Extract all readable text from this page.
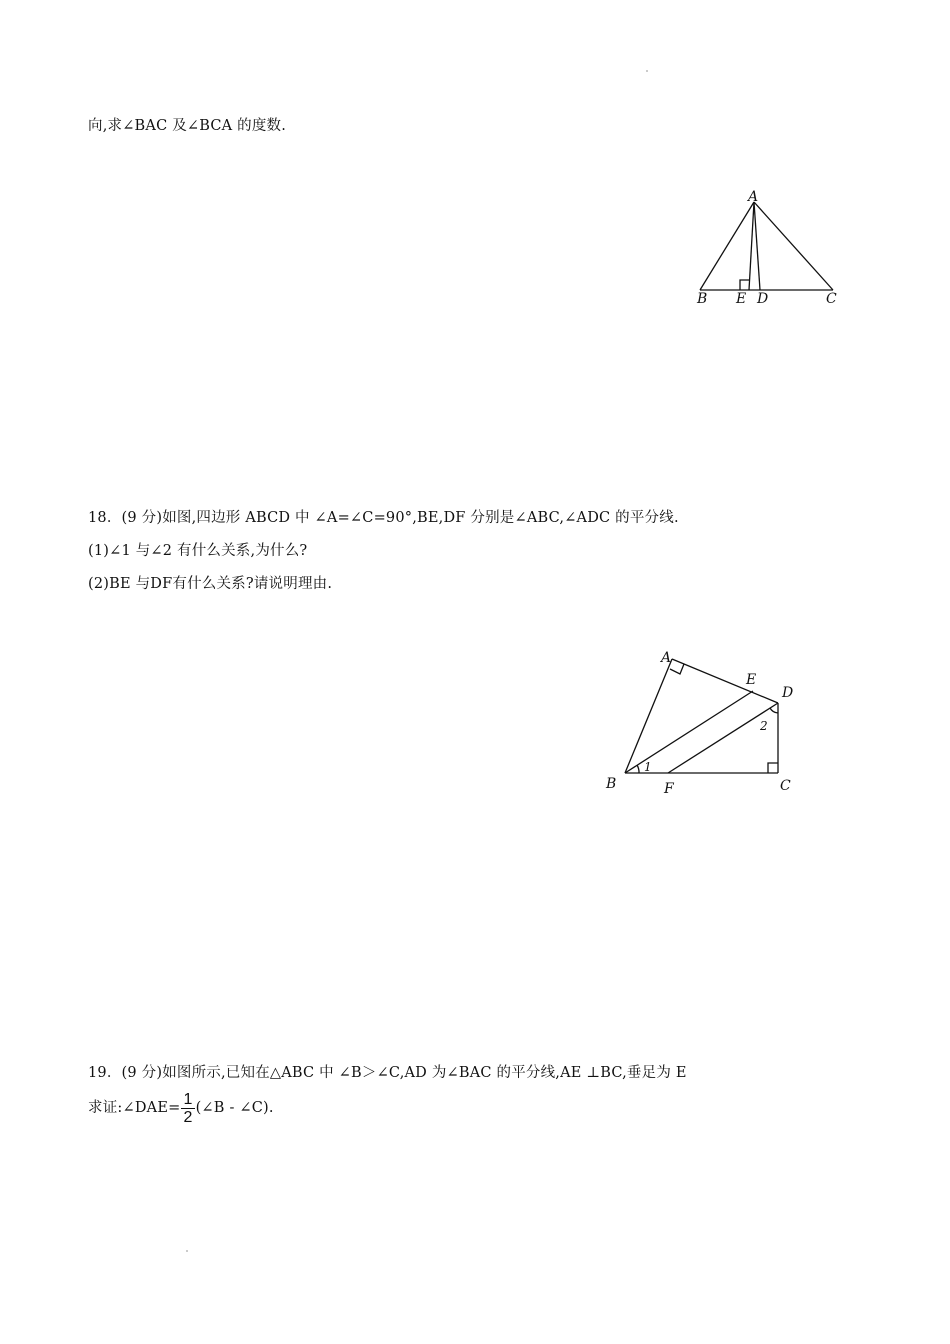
向,求∠BAC 及∠BCA 的度数.
A
B E D	C
18．(9 分)如图,四边形 ABCD 中 ∠A=∠C=90°,BE,DF 分别是∠ABC,∠ADC 的平分线.
(1)∠1 与∠2 有什么关系,为什么?
(2)BE 与DF有什么关系?请说明理由.
A
E
D
B	F	C
1
2
19．(9 分)如图所示,已知在△ABC 中 ∠B＞∠C,AD 为∠BAC 的平分线,AE ⊥BC,垂足为 E
求证:∠DAE= $\frac{1}{2}$ (∠B - ∠C).
